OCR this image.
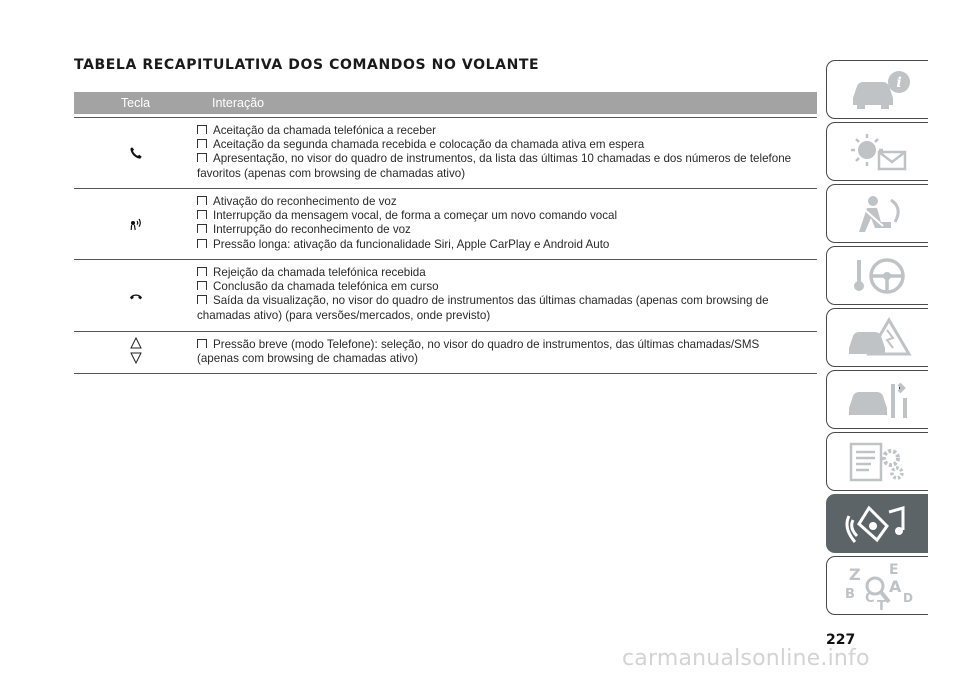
TABELA RECAPITULATIVA DOS COMANDOS NO VOLANTE
Tecla	Interação
Aceitação da chamada telefónica a receber
Aceitação da segunda chamada recebida e colocação da chamada ativa em espera
Apresentação, no visor do quadro de instrumentos, da lista das últimas 10 chamadas e dos números de telefone
favoritos (apenas com browsing de chamadas ativo)
Ativação do reconhecimento de voz
Interrupção da mensagem vocal, de forma a começar um novo comando vocal
Interrupção do reconhecimento de voz
Pressão longa: ativação da funcionalidade Siri, Apple CarPlay e Android Auto
Rejeição da chamada telefónica recebida
Conclusão da chamada telefónica em curso
Saída da visualização, no visor do quadro de instrumentos das últimas chamadas (apenas com browsing de
chamadas ativo) (para versões/mercados, onde previsto)
Pressão breve (modo Telefone): seleção, no visor do quadro de instrumentos, das últimas chamadas/SMS
(apenas com browsing de chamadas ativo)
i
Z E
B A
C D
T
227
carmanualsonline.info
